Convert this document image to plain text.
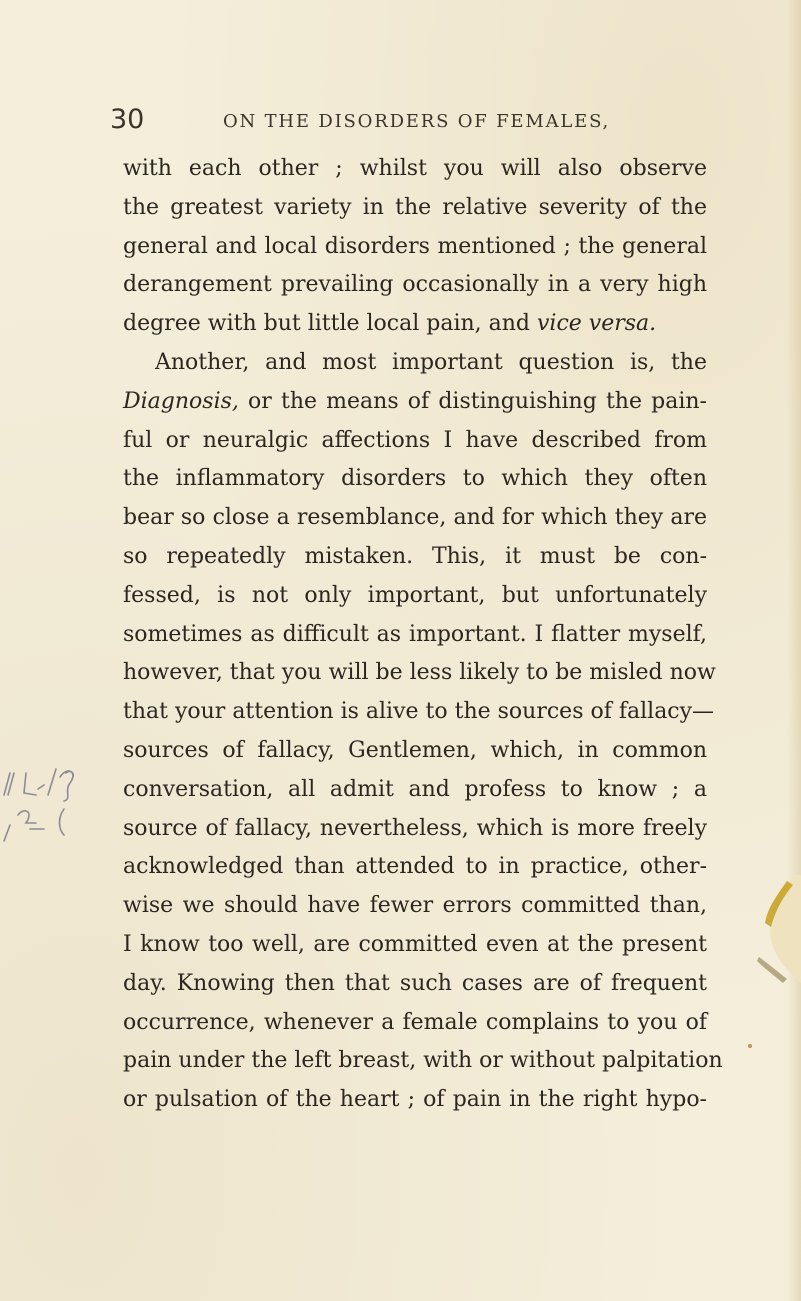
30	ON THE DISORDERS OF FEMALES,
with each other ; whilst you will also observe
the greatest variety in the relative severity of the
general and local disorders mentioned ; the general
derangement prevailing occasionally in a very high
degree with but little local pain, and vice versa.
Another, and most important question is, the
Diagnosis, or the means of distinguishing the pain-
ful or neuralgic affections I have described from
the inflammatory disorders to which they often
bear so close a resemblance, and for which they are
so repeatedly mistaken. This, it must be con-
fessed, is not only important, but unfortunately
sometimes as difficult as important. I flatter myself,
however, that you will be less likely to be misled now
that your attention is alive to the sources of fallacy—
sources of fallacy, Gentlemen, which, in common
conversation, all admit and profess to know ; a
source of fallacy, nevertheless, which is more freely
acknowledged than attended to in practice, other-
wise we should have fewer errors committed than,
I know too well, are committed even at the present
day. Knowing then that such cases are of frequent
occurrence, whenever a female complains to you of
pain under the left breast, with or without palpitation
or pulsation of the heart ; of pain in the right hypo-
